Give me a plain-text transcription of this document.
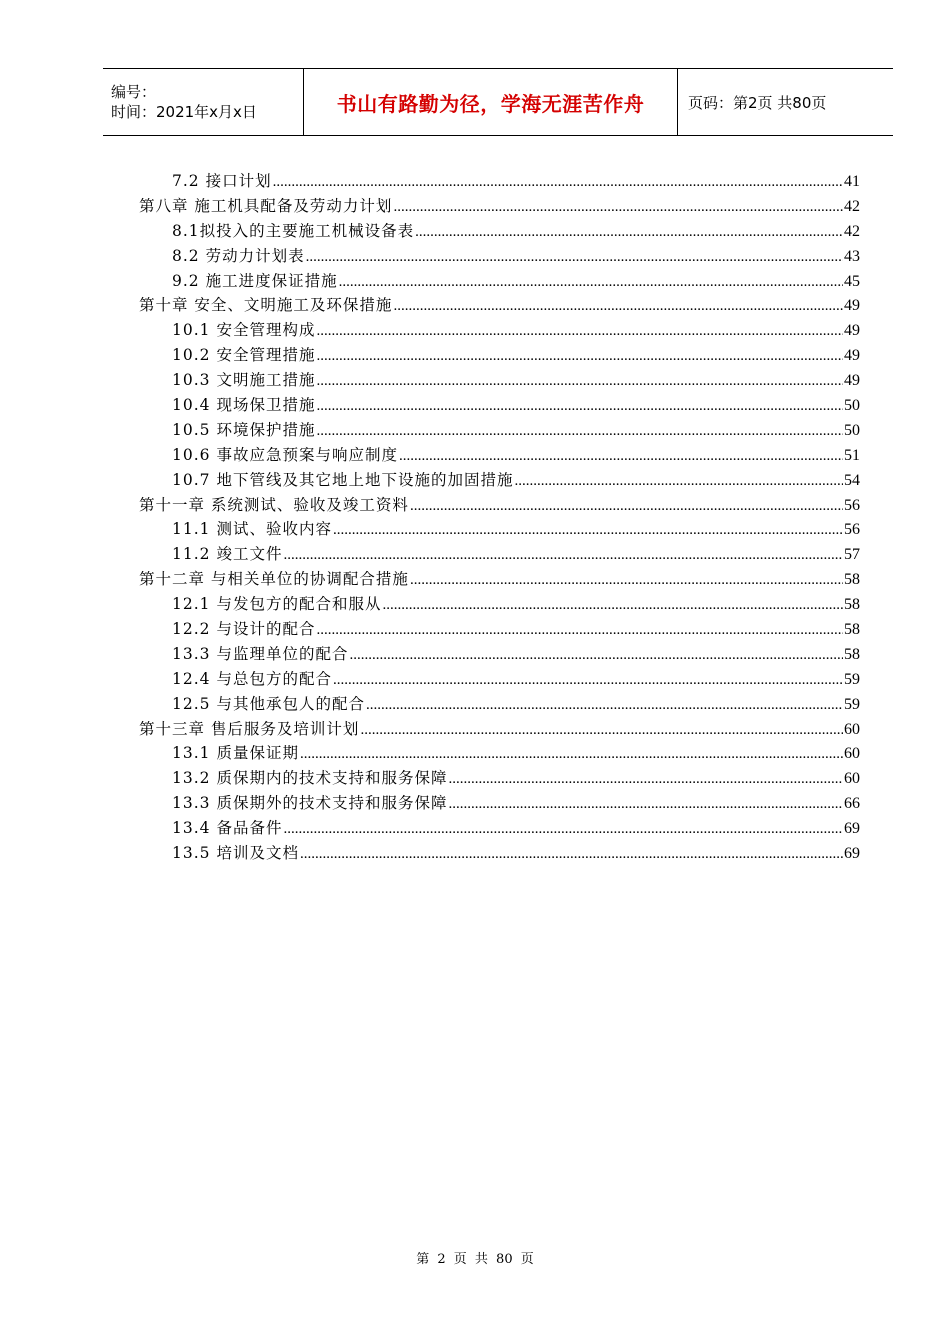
编号：
时间：2021年x月x日	书山有路勤为径，学海无涯苦作舟	页码：第2页 共80页
7.2 接口计划 .....	41
第八章 施工机具配备及劳动力计划 .....	42
8.1拟投入的主要施工机械设备表 .....	42
8.2 劳动力计划表 .....	43
9.2 施工进度保证措施 .....	45
第十章 安全、文明施工及环保措施 .....	49
10.1 安全管理构成 .....	49
10.2 安全管理措施 .....	49
10.3 文明施工措施 .....	49
10.4 现场保卫措施 .....	50
10.5 环境保护措施 .....	50
10.6 事故应急预案与响应制度 .....	51
10.7 地下管线及其它地上地下设施的加固措施 .....	54
第十一章 系统测试、验收及竣工资料 .....	56
11.1 测试、验收内容 .....	56
11.2 竣工文件 .....	57
第十二章 与相关单位的协调配合措施 .....	58
12.1 与发包方的配合和服从 .....	58
12.2 与设计的配合 .....	58
13.3 与监理单位的配合 .....	58
12.4 与总包方的配合 .....	59
12.5 与其他承包人的配合 .....	59
第十三章 售后服务及培训计划 .....	60
13.1 质量保证期 .....	60
13.2 质保期内的技术支持和服务保障 .....	60
13.3 质保期外的技术支持和服务保障 .....	66
13.4 备品备件 .....	69
13.5 培训及文档 .....	69
第 2 页 共 80 页
